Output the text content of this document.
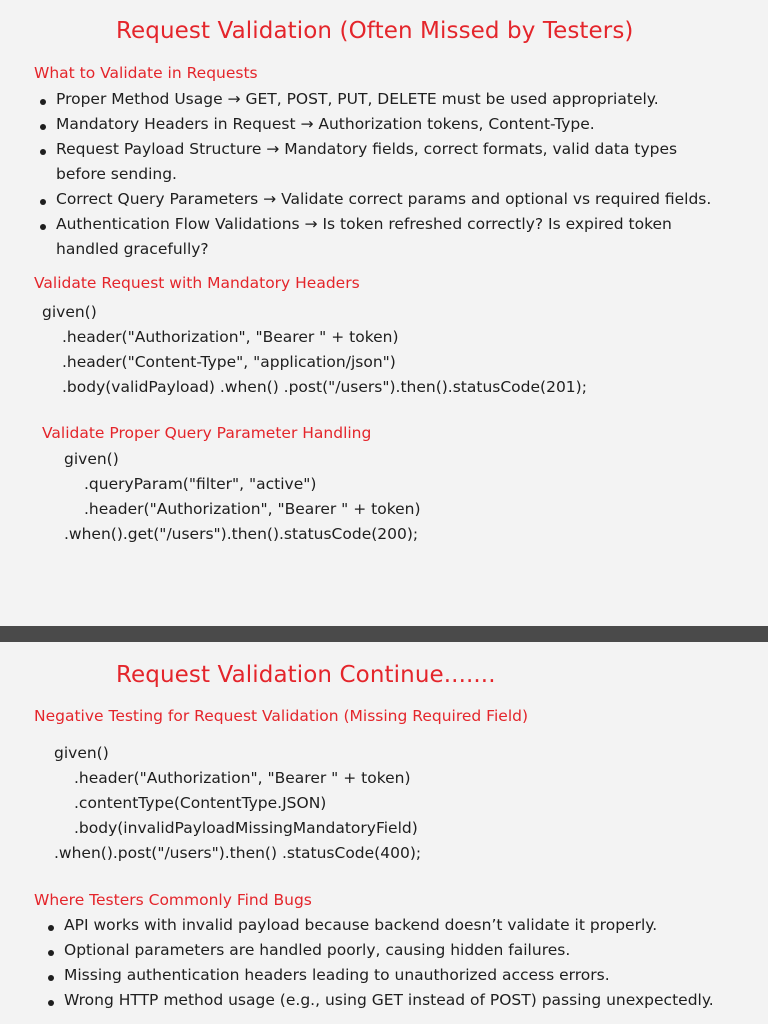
Request Validation (Often Missed by Testers)
What to Validate in Requests
Proper Method Usage → GET, POST, PUT, DELETE must be used appropriately.
Mandatory Headers in Request → Authorization tokens, Content-Type.
Request Payload Structure → Mandatory fields, correct formats, valid data types
before sending.
Correct Query Parameters → Validate correct params and optional vs required fields.
Authentication Flow Validations → Is token refreshed correctly? Is expired token
handled gracefully?
Validate Request with Mandatory Headers
given()
.header("Authorization", "Bearer " + token)
.header("Content-Type", "application/json")
.body(validPayload) .when() .post("/users").then().statusCode(201);
Validate Proper Query Parameter Handling
given()
.queryParam("filter", "active")
.header("Authorization", "Bearer " + token)
.when().get("/users").then().statusCode(200);
Request Validation Continue.......
Negative Testing for Request Validation (Missing Required Field)
given()
.header("Authorization", "Bearer " + token)
.contentType(ContentType.JSON)
.body(invalidPayloadMissingMandatoryField)
.when().post("/users").then() .statusCode(400);
Where Testers Commonly Find Bugs
API works with invalid payload because backend doesn’t validate it properly.
Optional parameters are handled poorly, causing hidden failures.
Missing authentication headers leading to unauthorized access errors.
Wrong HTTP method usage (e.g., using GET instead of POST) passing unexpectedly.
